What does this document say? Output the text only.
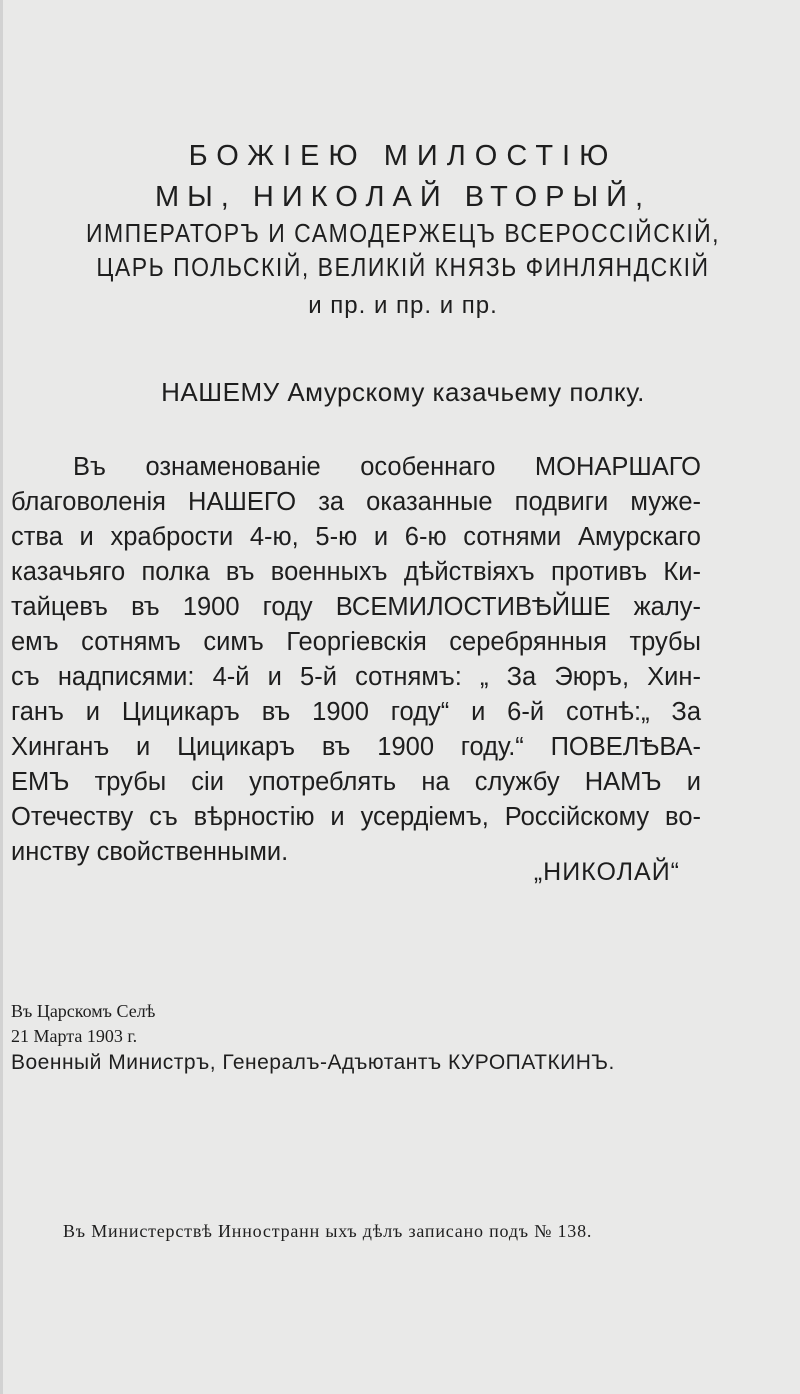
БОЖІЕЮ МИЛОСТІЮ
МЫ, НИКОЛАЙ ВТОРЫЙ,
ИМПЕРАТОРЪ И САМОДЕРЖЕЦЪ ВСЕРОССІЙСКІЙ,
ЦАРЬ ПОЛЬСКІЙ, ВЕЛИКІЙ КНЯЗЬ ФИНЛЯНДСКІЙ
и пр. и пр. и пр.
НАШЕМУ Амурскому казачьему полку.
Въ ознаменованіе особеннаго МОНАРШАГО
благоволенія НАШЕГО за оказанные подвиги муже-
ства и храбрости 4-ю, 5-ю и 6-ю сотнями Амурскаго
казачьяго полка въ военныхъ дѣйствіяхъ противъ Ки-
тайцевъ въ 1900 году ВСЕМИЛОСТИВѢЙШЕ жалу-
емъ сотнямъ симъ Георгіевскія серебрянныя трубы
съ надписями: 4-й и 5-й сотнямъ: „ За Эюръ, Хин-
ганъ и Цицикаръ въ 1900 году“ и 6-й сотнѣ:„ За
Хинганъ и Цицикаръ въ 1900 году.“ ПОВЕЛѢВА-
ЕМЪ трубы сіи употреблять на службу НАМЪ и
Отечеству съ вѣрностію и усердіемъ, Россійскому во-
инству свойственными.
„НИКОЛАЙ“
Въ Царскомъ Селѣ
21 Марта 1903 г.
Военный Министръ, Генералъ-Адъютантъ КУРОПАТКИНЪ.
Въ Министерствѣ Инностранн ыхъ дѣлъ записано подъ № 138.
